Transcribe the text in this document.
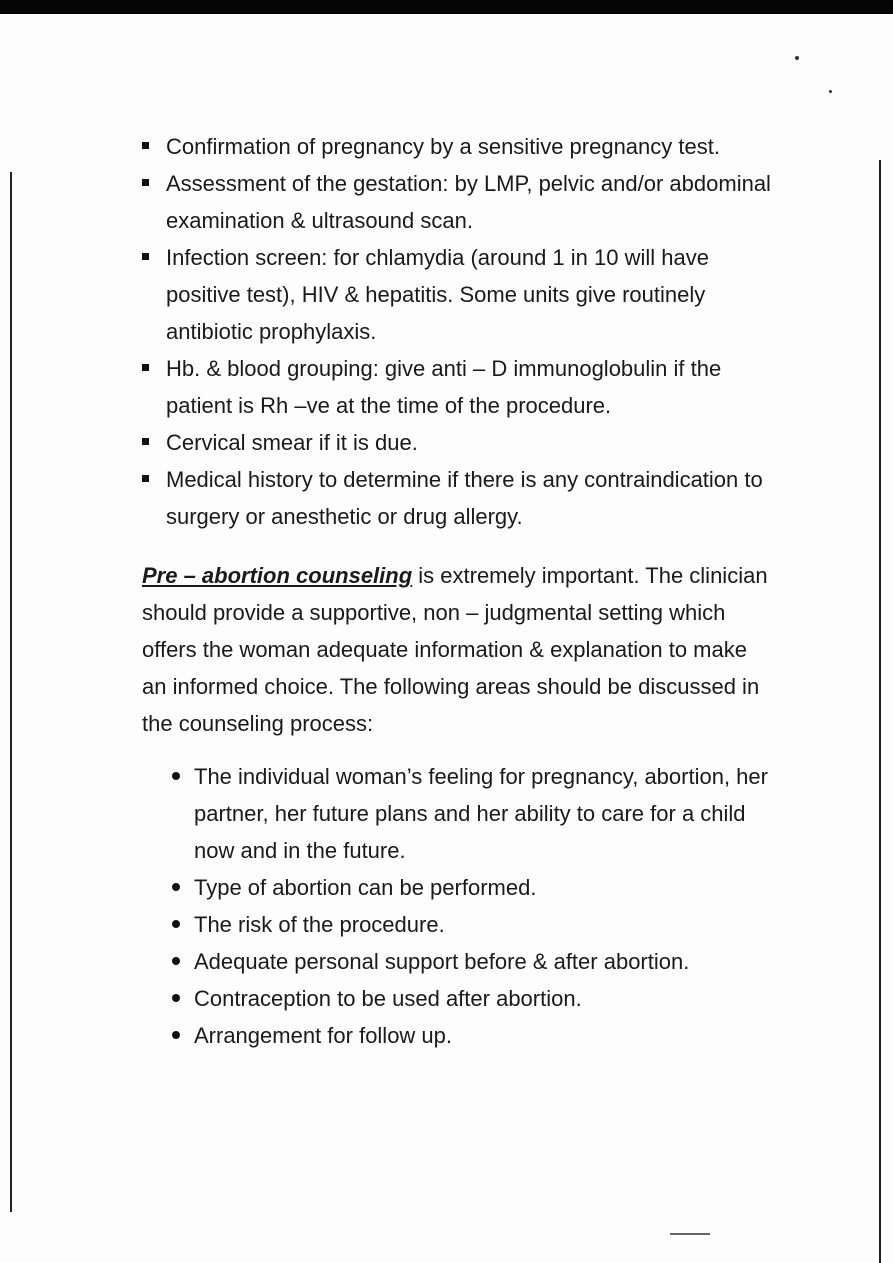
Confirmation of pregnancy by a sensitive pregnancy test.
Assessment of the gestation: by LMP, pelvic and/or abdominal examination & ultrasound scan.
Infection screen: for chlamydia (around 1 in 10 will have positive test), HIV & hepatitis. Some units give routinely antibiotic prophylaxis.
Hb. & blood grouping: give anti – D immunoglobulin if the patient is Rh –ve at the time of the procedure.
Cervical smear if it is due.
Medical history to determine if there is any contraindication to surgery or anesthetic or drug allergy.

Pre – abortion counseling is extremely important. The clinician should provide a supportive, non – judgmental setting which offers the woman adequate information & explanation to make an informed choice. The following areas should be discussed in the counseling process:

The individual woman’s feeling for pregnancy, abortion, her partner, her future plans and her ability to care for a child now and in the future.
Type of abortion can be performed.
The risk of the procedure.
Adequate personal support before & after abortion.
Contraception to be used after abortion.
Arrangement for follow up.
